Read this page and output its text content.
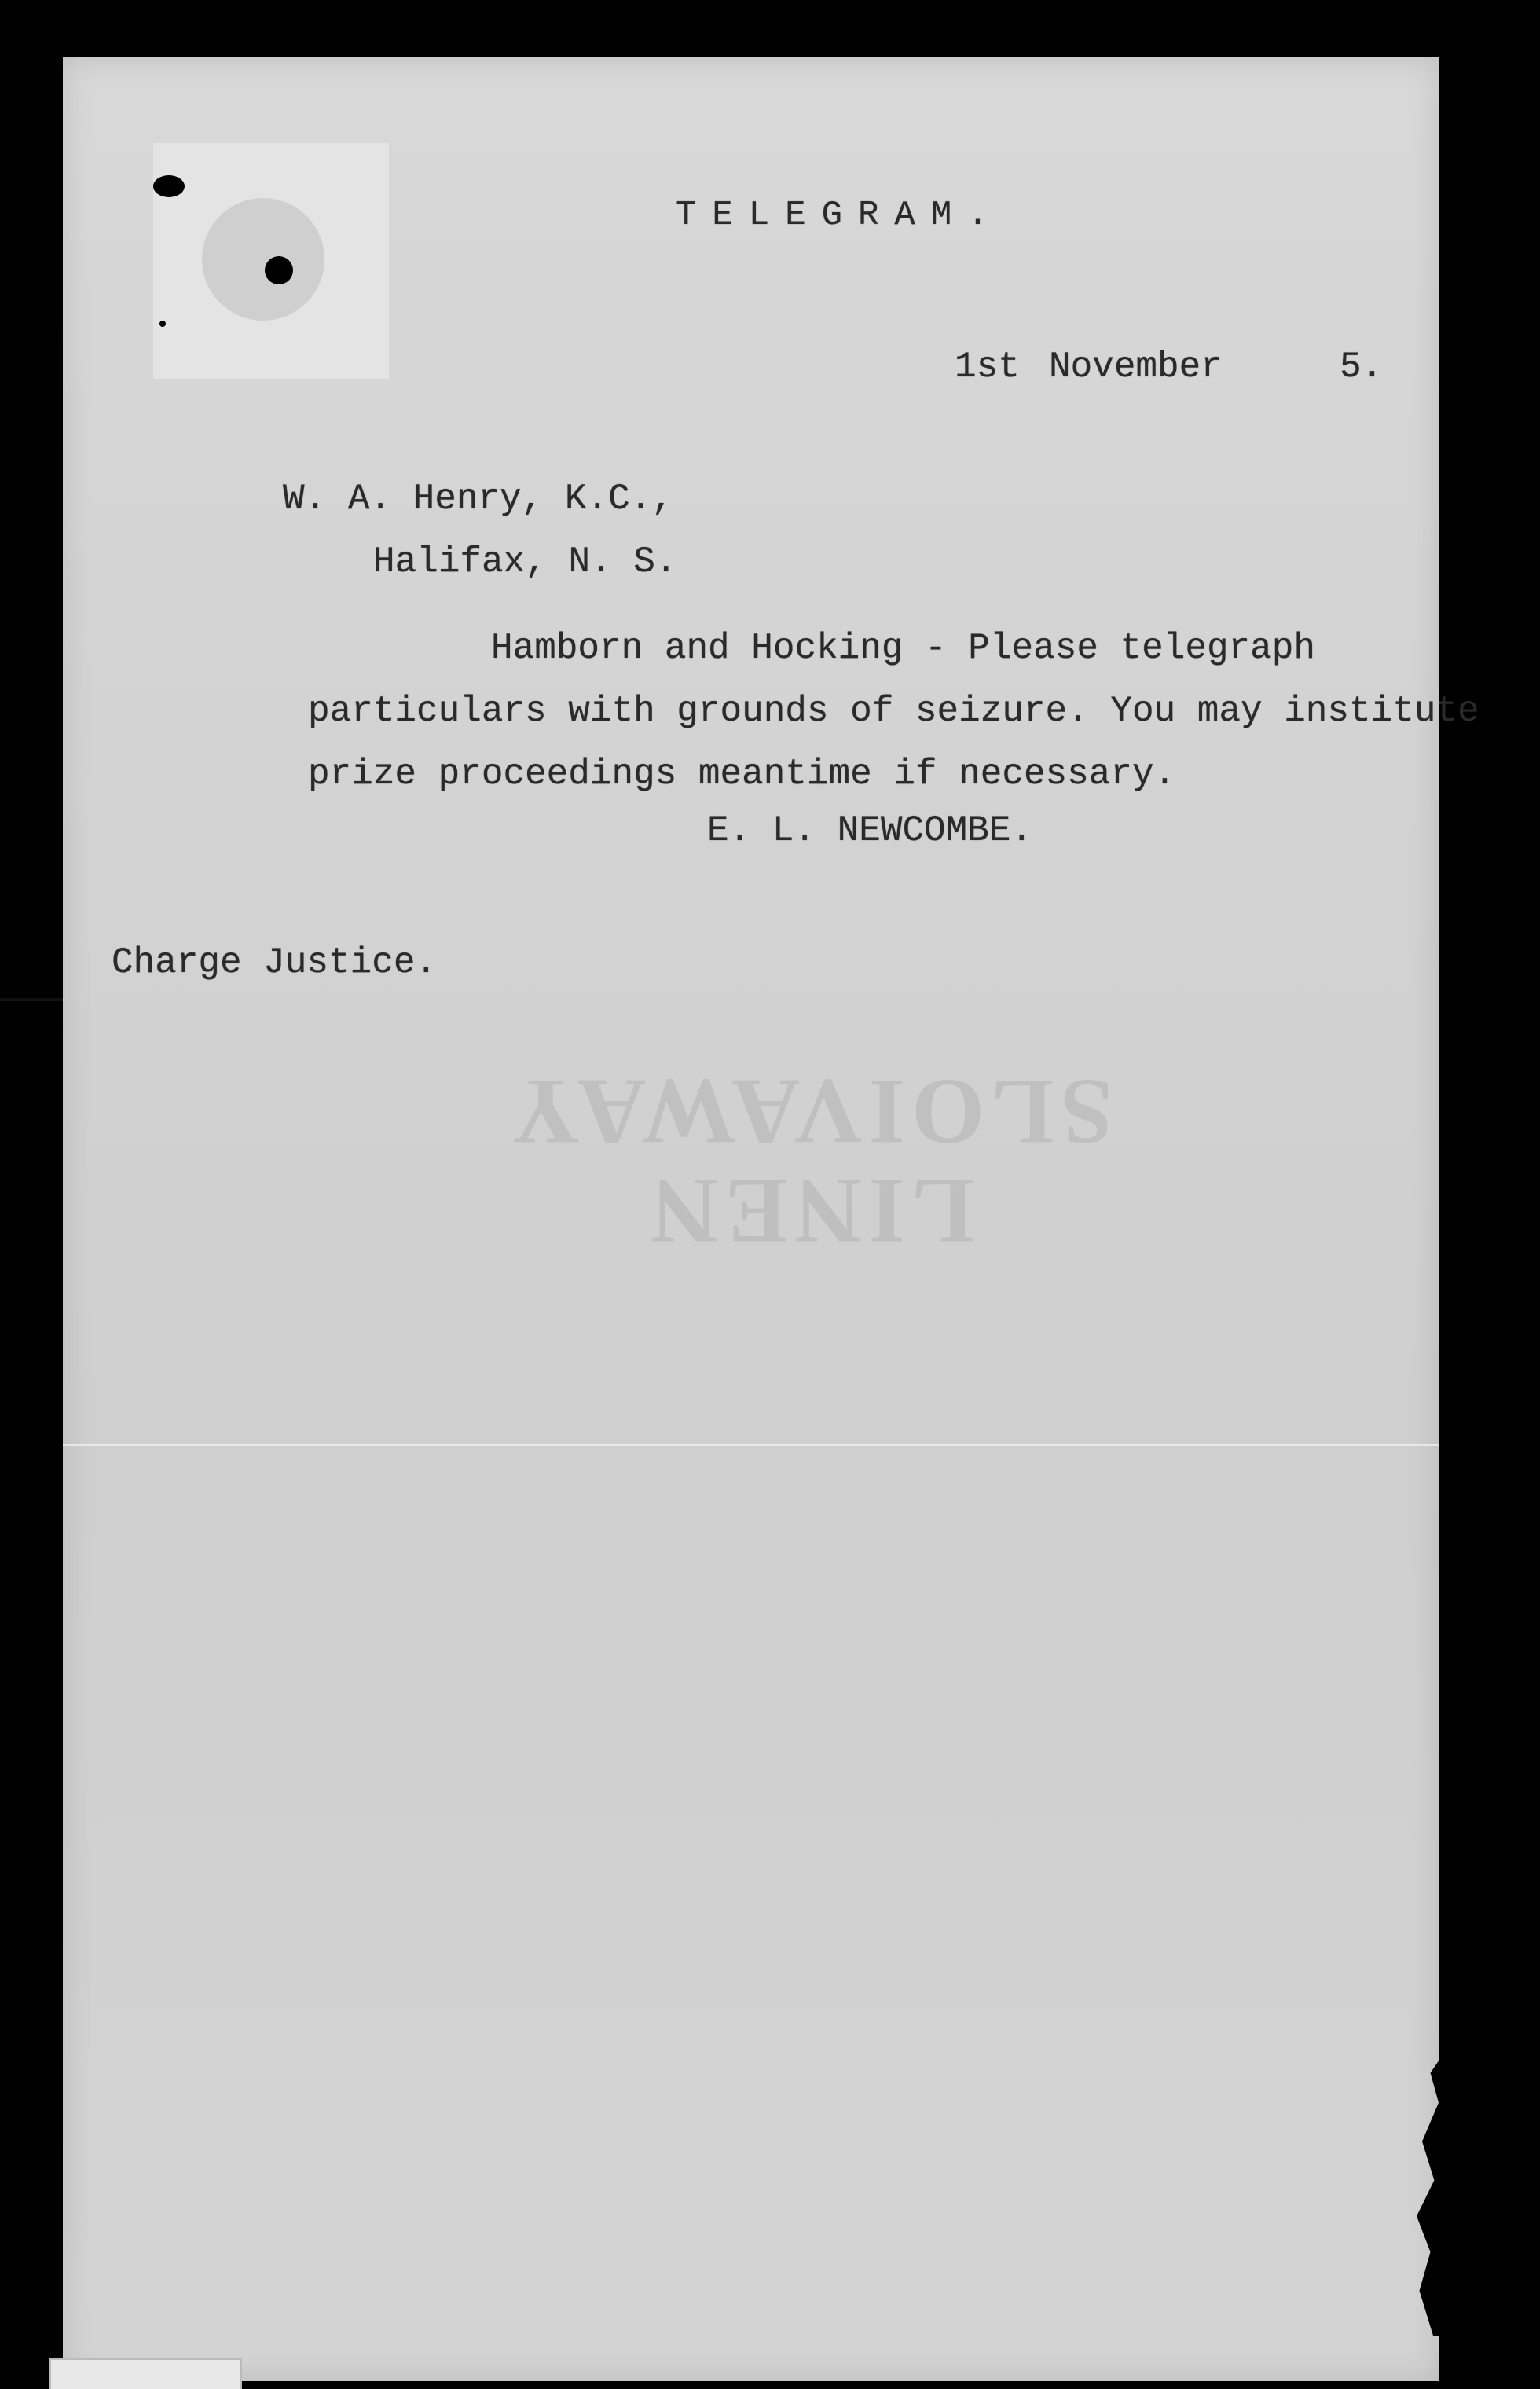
TELEGRAM.
1st November	5.
W. A. Henry, K.C.,
Halifax, N. S.
Hamborn and Hocking - Please telegraph
particulars with grounds of seizure. You may institute
prize proceedings meantime if necessary.
E. L. NEWCOMBE.
Charge Justice.
LINEN
SLOIVAWAY
